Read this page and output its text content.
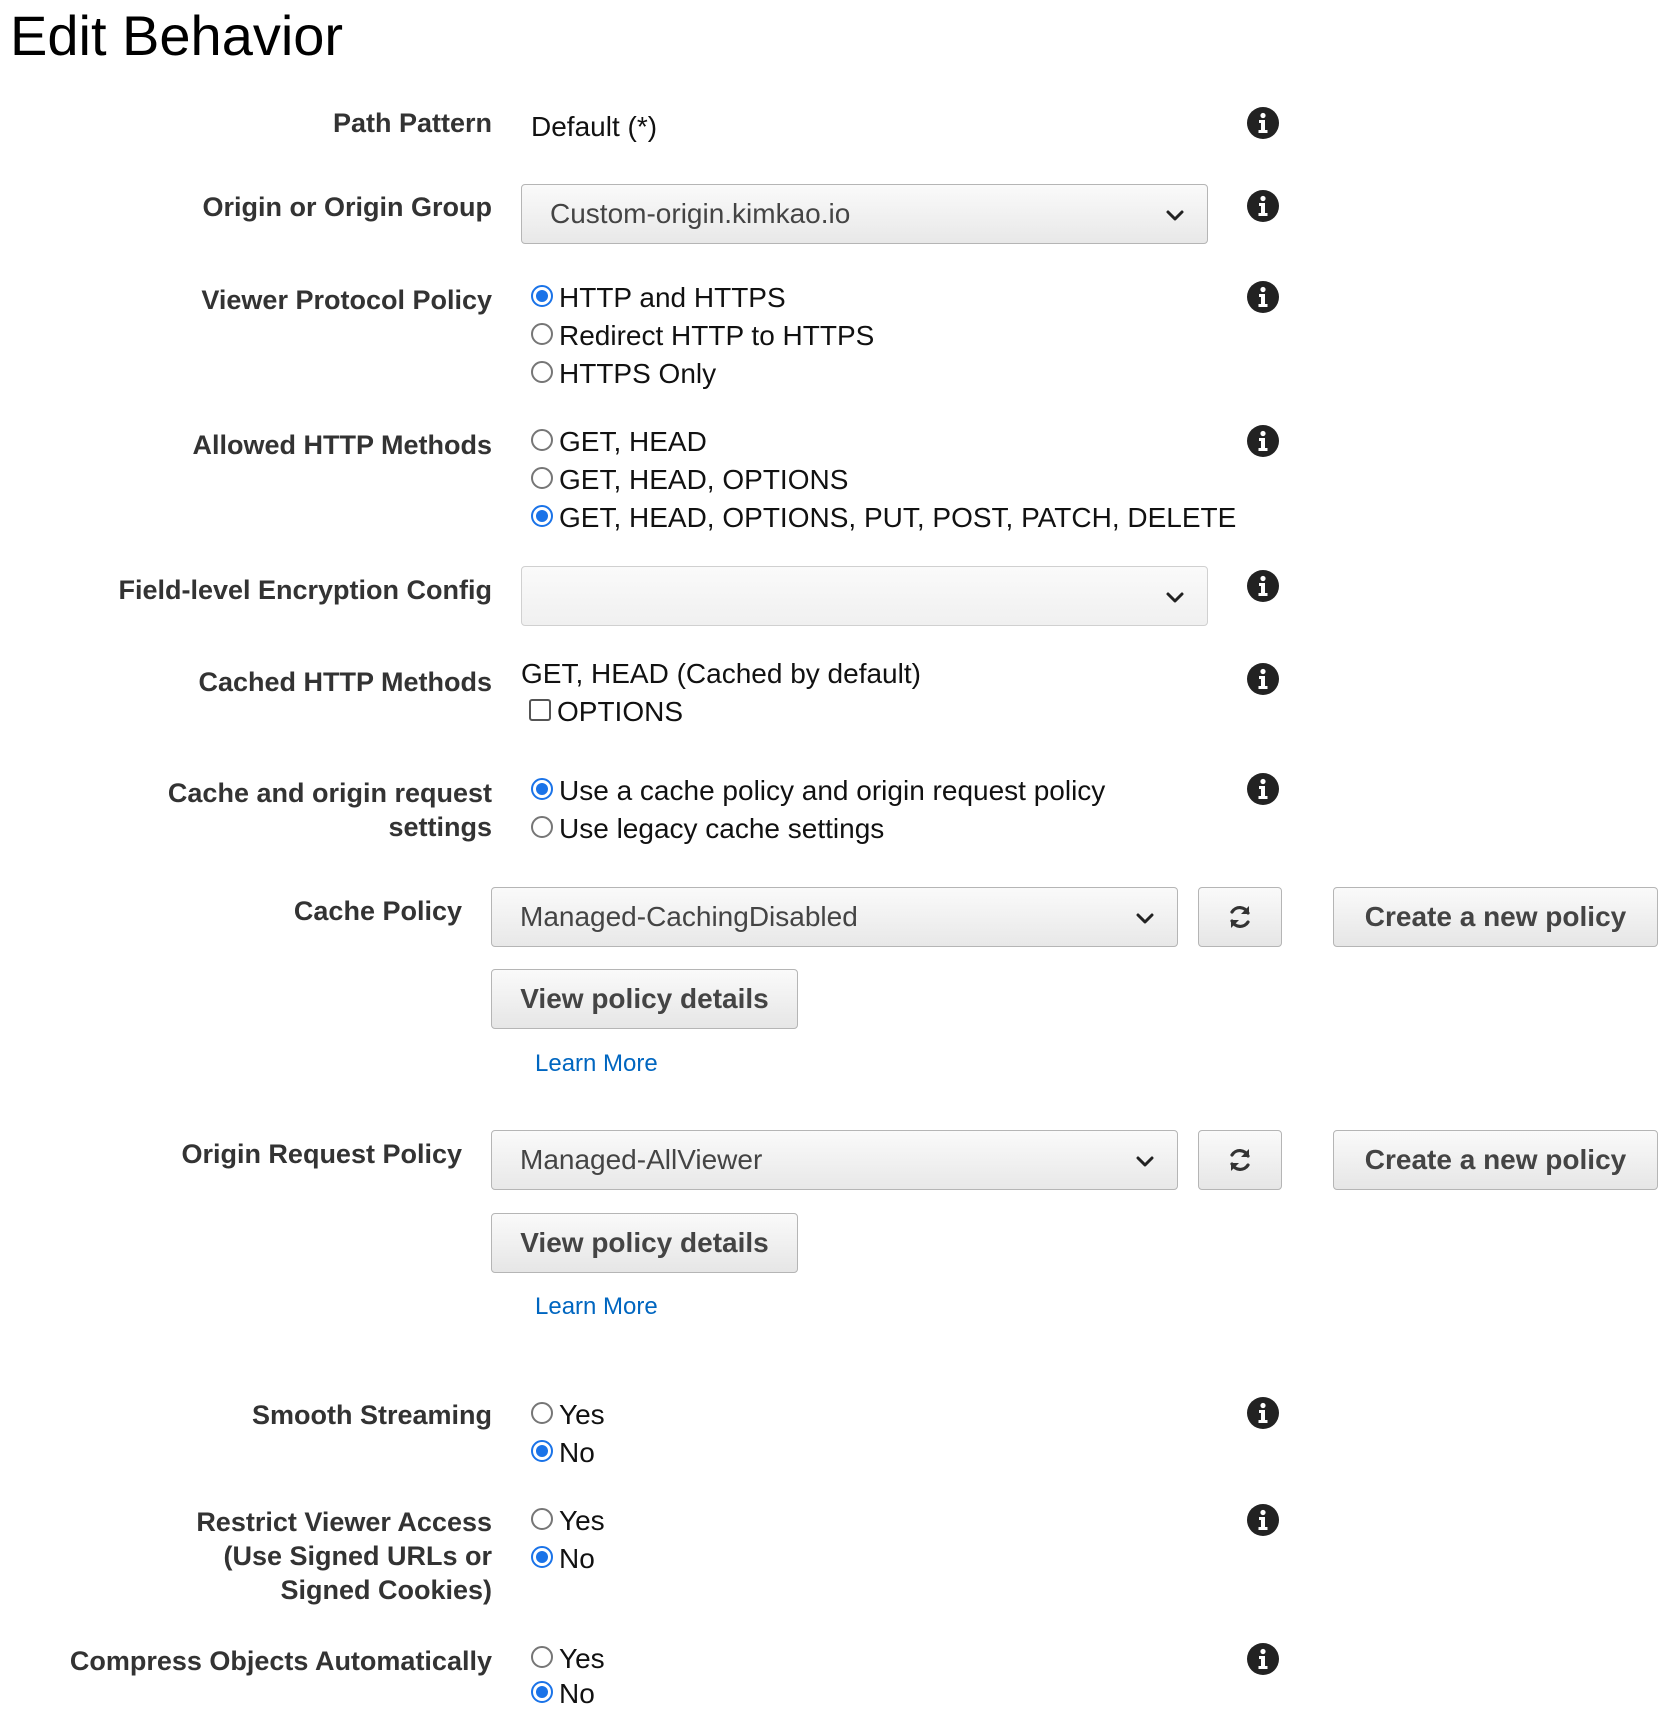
Edit Behavior
Path Pattern Default (*)
Origin or Origin Group Custom-origin.kimkao.io
Viewer Protocol Policy HTTP and HTTPS
Redirect HTTP to HTTPS
HTTPS Only
Allowed HTTP Methods GET, HEAD
GET, HEAD, OPTIONS
GET, HEAD, OPTIONS, PUT, POST, PATCH, DELETE
Field-level Encryption Config
Cached HTTP Methods GET, HEAD (Cached by default)
OPTIONS
Cache and origin request
settings
Use a cache policy and origin request policy
Use legacy cache settings
Cache Policy Managed-CachingDisabled	Create a new policy
View policy details
Learn More
Origin Request Policy Managed-AllViewer	Create a new policy
View policy details
Learn More
Smooth Streaming Yes
No
Restrict Viewer Access
(Use Signed URLs or
Signed Cookies)
Yes
No
Compress Objects Automatically Yes
No
